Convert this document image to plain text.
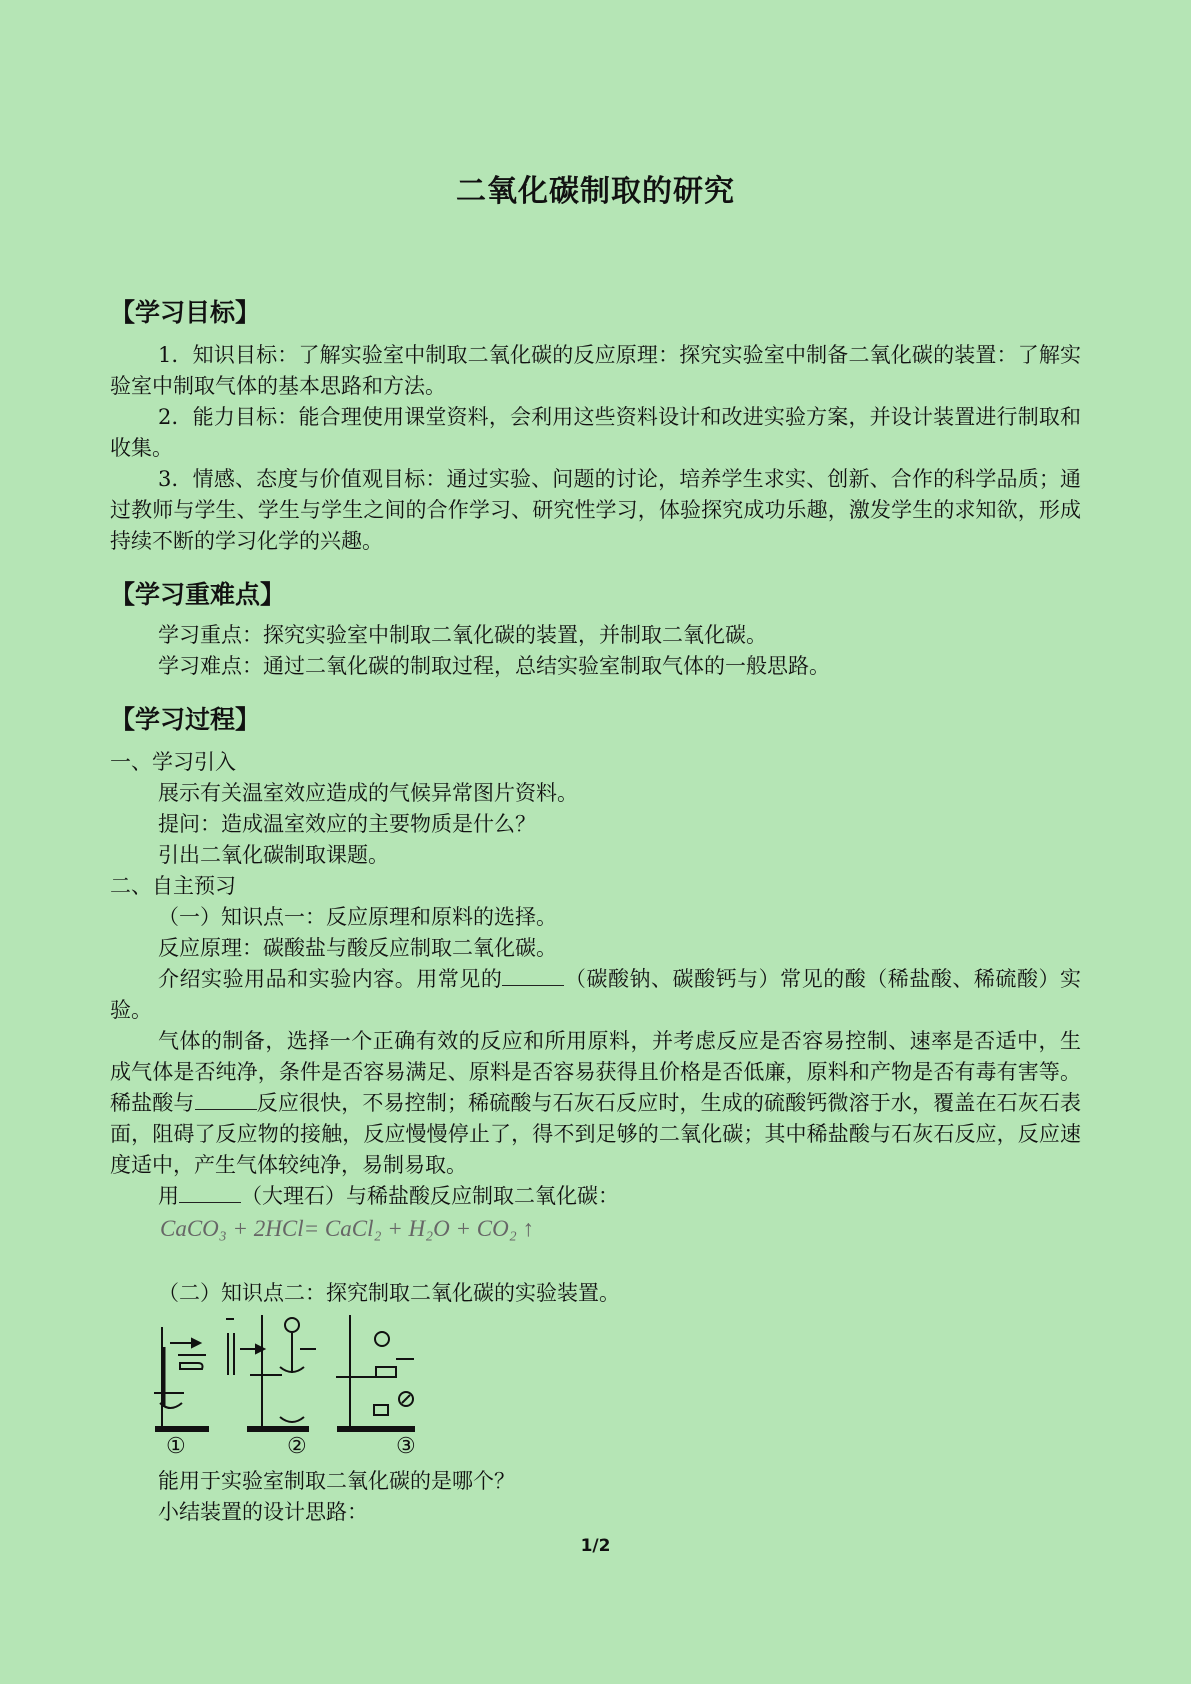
二氧化碳制取的研究
【学习目标】
1．知识目标：了解实验室中制取二氧化碳的反应原理：探究实验室中制备二氧化碳的装置：了解实验室中制取气体的基本思路和方法。
2．能力目标：能合理使用课堂资料，会利用这些资料设计和改进实验方案，并设计装置进行制取和收集。
3．情感、态度与价值观目标：通过实验、问题的讨论，培养学生求实、创新、合作的科学品质；通过教师与学生、学生与学生之间的合作学习、研究性学习，体验探究成功乐趣，激发学生的求知欲，形成持续不断的学习化学的兴趣。
【学习重难点】
学习重点：探究实验室中制取二氧化碳的装置，并制取二氧化碳。
学习难点：通过二氧化碳的制取过程，总结实验室制取气体的一般思路。
【学习过程】
一、学习引入
展示有关温室效应造成的气候异常图片资料。
提问：造成温室效应的主要物质是什么？
引出二氧化碳制取课题。
二、自主预习
（一）知识点一：反应原理和原料的选择。
反应原理：碳酸盐与酸反应制取二氧化碳。
介绍实验用品和实验内容。用常见的	（碳酸钠、碳酸钙与）常见的酸（稀盐酸、稀硫酸）实验。
气体的制备，选择一个正确有效的反应和所用原料，并考虑反应是否容易控制、速率是否适中，生成气体是否纯净，条件是否容易满足、原料是否容易获得且价格是否低廉，原料和产物是否有毒有害等。稀盐酸与	反应很快，不易控制；稀硫酸与石灰石反应时，生成的硫酸钙微溶于水，覆盖在石灰石表面，阻碍了反应物的接触，反应慢慢停止了，得不到足够的二氧化碳；其中稀盐酸与石灰石反应，反应速度适中，产生气体较纯净，易制易取。
用	（大理石）与稀盐酸反应制取二氧化碳：
CaCO₃ + 2HCl= CaCl₂ + H₂O + CO₂ ↑
（二）知识点二：探究制取二氧化碳的实验装置。
①	②	③
能用于实验室制取二氧化碳的是哪个？
小结装置的设计思路：
1/2
